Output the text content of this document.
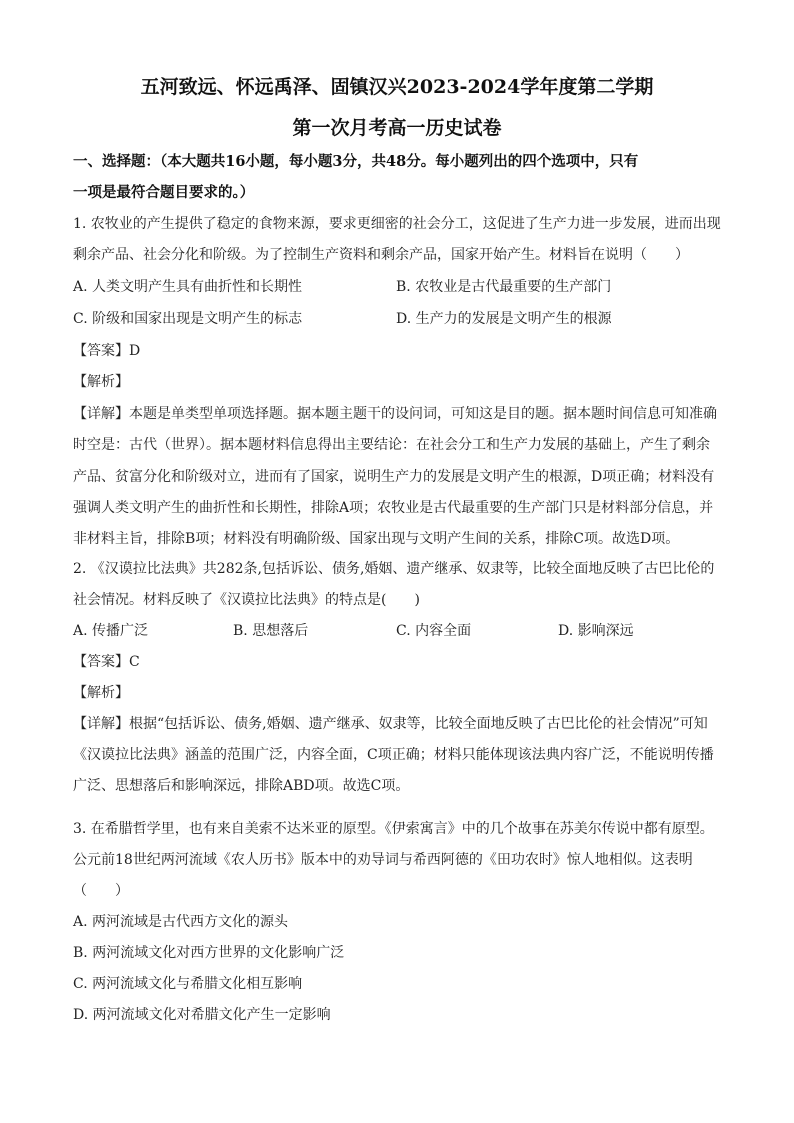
五河致远、怀远禹泽、固镇汉兴2023-2024学年度第二学期
第一次月考高一历史试卷
一、选择题：（本大题共16小题，每小题3分，共48分。每小题列出的四个选项中，只有
一项是最符合题目要求的。）
1. 农牧业的产生提供了稳定的食物来源，要求更细密的社会分工，这促进了生产力进一步发展，进而出现
剩余产品、社会分化和阶级。为了控制生产资料和剩余产品，国家开始产生。材料旨在说明（　　）
A. 人类文明产生具有曲折性和长期性	B. 农牧业是古代最重要的生产部门
C. 阶级和国家出现是文明产生的标志	D. 生产力的发展是文明产生的根源
【答案】D
【解析】
【详解】本题是单类型单项选择题。据本题主题干的设问词，可知这是目的题。据本题时间信息可知准确
时空是：古代（世界）。据本题材料信息得出主要结论：在社会分工和生产力发展的基础上，产生了剩余
产品、贫富分化和阶级对立，进而有了国家，说明生产力的发展是文明产生的根源，D项正确；材料没有
强调人类文明产生的曲折性和长期性，排除A项；农牧业是古代最重要的生产部门只是材料部分信息，并
非材料主旨，排除B项；材料没有明确阶级、国家出现与文明产生间的关系，排除C项。故选D项。
2. 《汉谟拉比法典》共282条,包括诉讼、债务,婚姻、遗产继承、奴隶等，比较全面地反映了古巴比伦的
社会情况。材料反映了《汉谟拉比法典》的特点是(　　)
A. 传播广泛	B. 思想落后	C. 内容全面	D. 影响深远
【答案】C
【解析】
【详解】根据“包括诉讼、债务,婚姻、遗产继承、奴隶等，比较全面地反映了古巴比伦的社会情况”可知
《汉谟拉比法典》涵盖的范围广泛，内容全面，C项正确；材料只能体现该法典内容广泛，不能说明传播
广泛、思想落后和影响深远，排除ABD项。故选C项。
3. 在希腊哲学里，也有来自美索不达米亚的原型。《伊索寓言》中的几个故事在苏美尔传说中都有原型。
公元前18世纪两河流域《农人历书》版本中的劝导词与希西阿德的《田功农时》惊人地相似。这表明
（　　）
A. 两河流域是古代西方文化的源头
B. 两河流域文化对西方世界的文化影响广泛
C. 两河流域文化与希腊文化相互影响
D. 两河流域文化对希腊文化产生一定影响
